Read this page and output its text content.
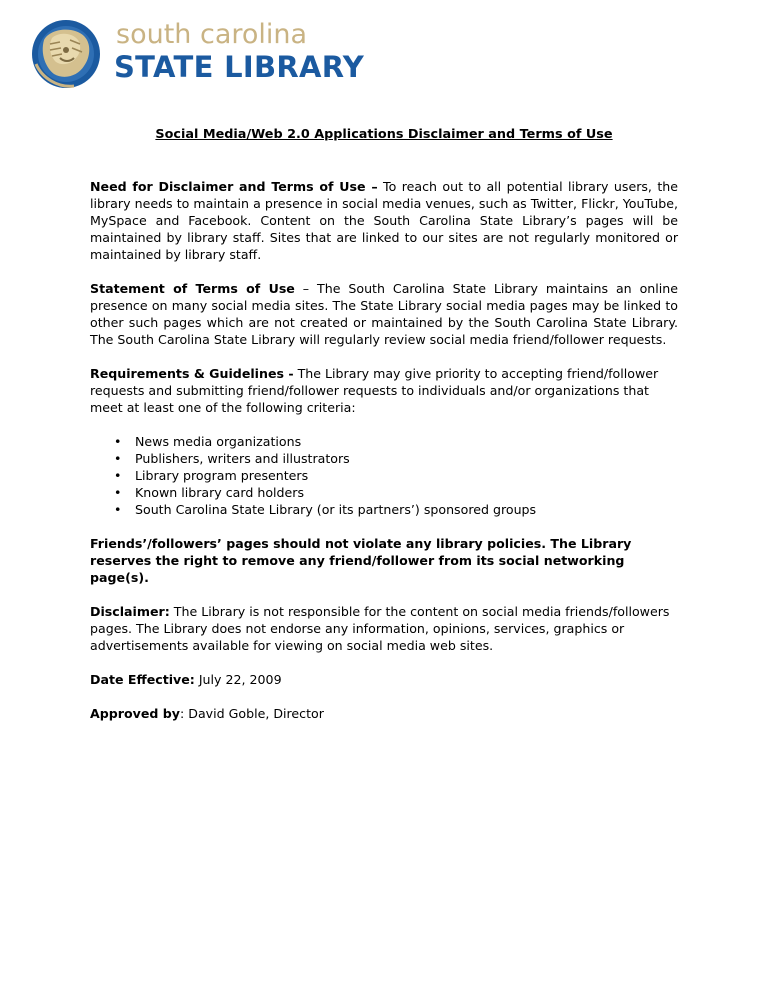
south carolina
STATE LIBRARY
Social Media/Web 2.0 Applications Disclaimer and Terms of Use

Need for Disclaimer and Terms of Use – To reach out to all potential library users, the library needs to maintain a presence in social media venues, such as Twitter, Flickr, YouTube, MySpace and Facebook. Content on the South Carolina State Library’s pages will be maintained by library staff. Sites that are linked to our sites are not regularly monitored or maintained by library staff.

Statement of Terms of Use – The South Carolina State Library maintains an online presence on many social media sites. The State Library social media pages may be linked to other such pages which are not created or maintained by the South Carolina State Library. The South Carolina State Library will regularly review social media friend/follower requests.

Requirements & Guidelines - The Library may give priority to accepting friend/follower requests and submitting friend/follower requests to individuals and/or organizations that meet at least one of the following criteria:

• News media organizations
• Publishers, writers and illustrators
• Library program presenters
• Known library card holders
• South Carolina State Library (or its partners’) sponsored groups

Friends’/followers’ pages should not violate any library policies. The Library reserves the right to remove any friend/follower from its social networking page(s).

Disclaimer: The Library is not responsible for the content on social media friends/followers pages. The Library does not endorse any information, opinions, services, graphics or advertisements available for viewing on social media web sites.

Date Effective: July 22, 2009

Approved by: David Goble, Director
